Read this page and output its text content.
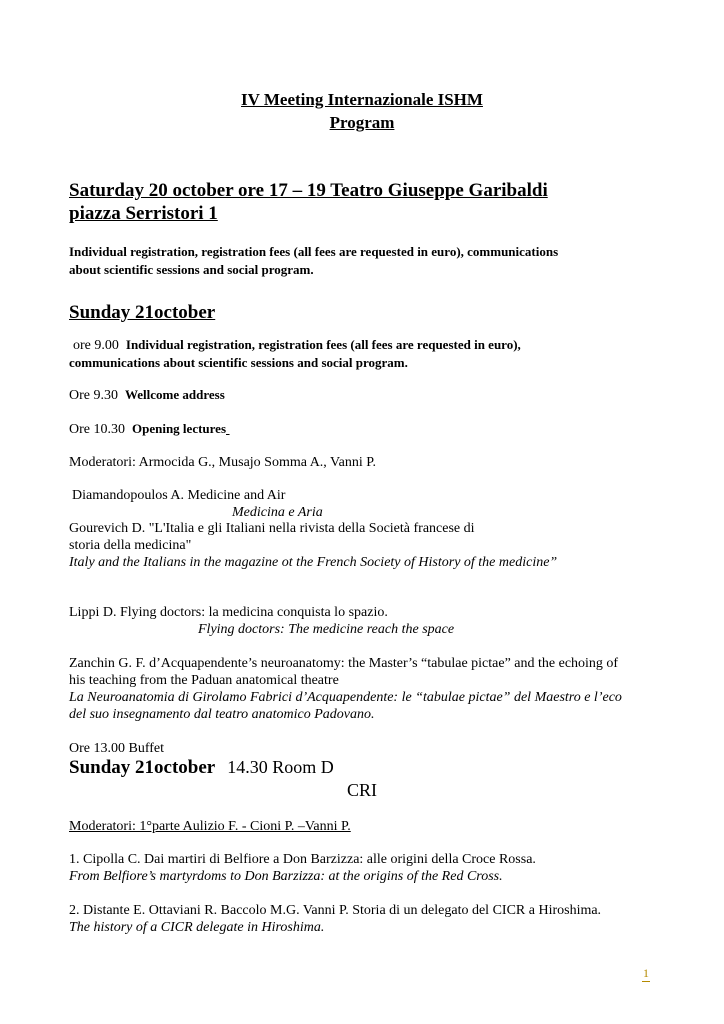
IV Meeting Internazionale ISHM
Program
Saturday 20 october ore 17 – 19 Teatro Giuseppe Garibaldi
piazza Serristori 1
Individual registration, registration fees (all fees are requested in euro), communications
about scientific sessions and social program.
Sunday 21october
ore 9.00 Individual registration, registration fees (all fees are requested in euro),
communications about scientific sessions and social program.
Ore 9.30 Wellcome address
Ore 10.30 Opening lectures
Moderatori: Armocida G., Musajo Somma A., Vanni P.
Diamandopoulos A. Medicine and Air
Medicina e Aria
Gourevich D. "L'Italia e gli Italiani nella rivista della Società francese di
storia della medicina"
Italy and the Italians in the magazine ot the French Society of History of the medicine”
Lippi D. Flying doctors: la medicina conquista lo spazio.
Flying doctors: The medicine reach the space
Zanchin G. F. d’Acquapendente’s neuroanatomy: the Master’s “tabulae pictae” and the echoing of
his teaching from the Paduan anatomical theatre
La Neuroanatomia di Girolamo Fabrici d’Acquapendente: le “tabulae pictae” del Maestro e l’eco
del suo insegnamento dal teatro anatomico Padovano.
Ore 13.00 Buffet
Sunday 21october 14.30 Room D
CRI
Moderatori: 1°parte Aulizio F. - Cioni P. –Vanni P.
1. Cipolla C. Dai martiri di Belfiore a Don Barzizza: alle origini della Croce Rossa.
From Belfiore’s martyrdoms to Don Barzizza: at the origins of the Red Cross.
2. Distante E. Ottaviani R. Baccolo M.G. Vanni P. Storia di un delegato del CICR a Hiroshima.
The history of a CICR delegate in Hiroshima.
1
